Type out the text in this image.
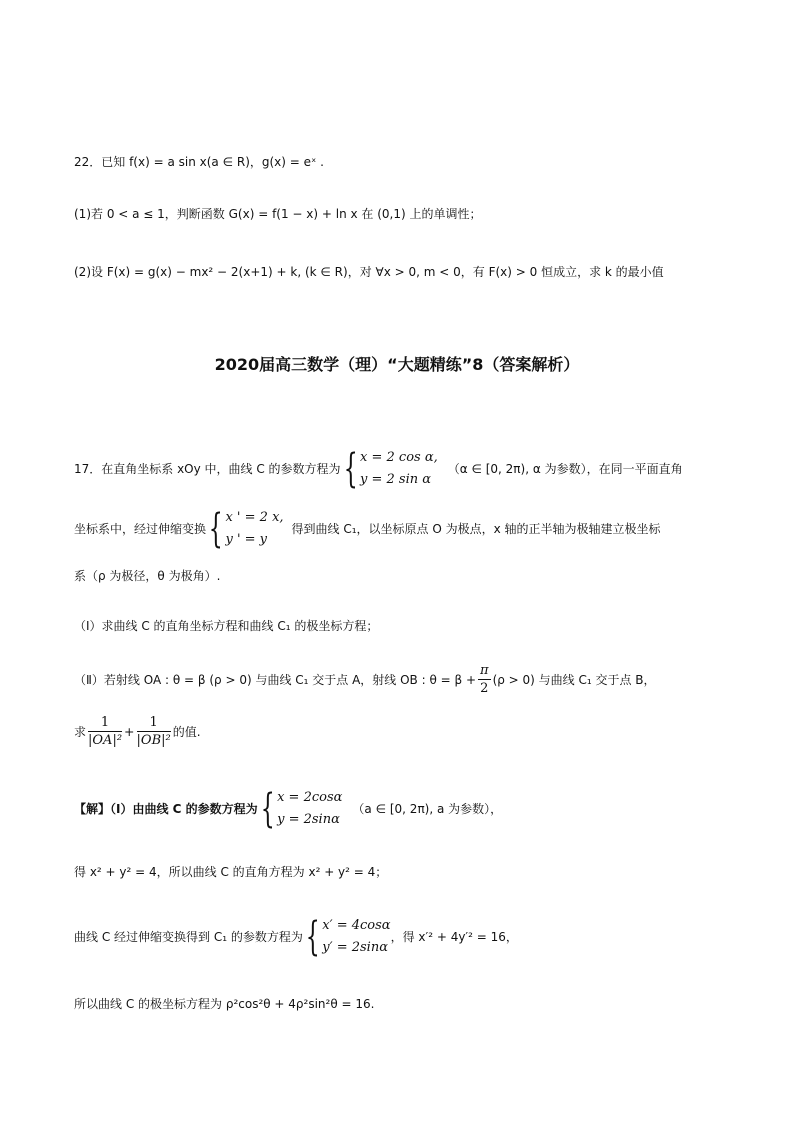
22．已知 f(x) = a sin x(a ∈ R)，g(x) = eˣ .
(1)若 0 < a ≤ 1，判断函数 G(x) = f(1 − x) + ln x 在 (0,1) 上的单调性；
(2)设 F(x) = g(x) − mx² − 2(x+1) + k, (k ∈ R)，对 ∀x > 0, m < 0，有 F(x) > 0 恒成立，求 k 的最小值
2020届高三数学（理）“大题精练”8（答案解析）
17．在直角坐标系 xOy 中，曲线 C 的参数方程为 { x = 2 cos α,
y = 2 sin α
（α ∈ [0, 2π), α 为参数），在同一平面直角
坐标系中，经过伸缩变换 { x ' = 2 x,
y ' = y
得到曲线 C₁，以坐标原点 O 为极点，x 轴的正半轴为极轴建立极坐标
系（ρ 为极径，θ 为极角）.
（Ⅰ）求曲线 C 的直角坐标方程和曲线 C₁ 的极坐标方程；
（Ⅱ）若射线 OA : θ = β (ρ > 0) 与曲线 C₁ 交于点 A，射线 OB : $\theta = \beta + \frac{\pi}{2} (\rho > 0)$ 与曲线 C₁ 交于点 B，
求 $\frac{1}{\text{|OA|²}} + \frac{1}{\text{|OB|²}}$ 的值.
【解】（Ⅰ）由曲线 C 的参数方程为 { x = 2cosα
y = 2sinα
（a ∈ [0, 2π), a 为参数），
得 x² + y² = 4，所以曲线 C 的直角方程为 x² + y² = 4；
曲线 C 经过伸缩变换得到 C₁ 的参数方程为 { x′ = 4cosα
y′ = 2sinα
，得 x′² + 4y′² = 16，
所以曲线 C 的极坐标方程为 ρ²cos²θ + 4ρ²sin²θ = 16.
